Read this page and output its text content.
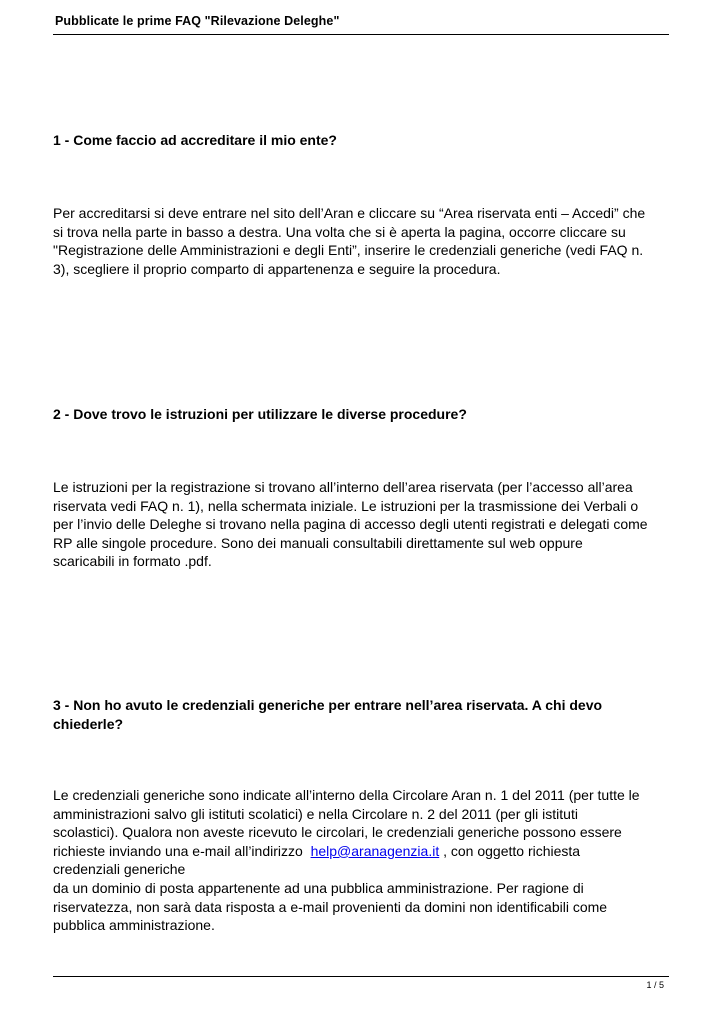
Pubblicate le prime FAQ "Rilevazione Deleghe"
1 - Come faccio ad accreditare il mio ente?
Per accreditarsi si deve entrare nel sito dell’Aran e cliccare su “Area riservata enti – Accedi” che
si trova nella parte in basso a destra. Una volta che si è aperta la pagina, occorre cliccare su
"Registrazione delle Amministrazioni e degli Enti”, inserire le credenziali generiche (vedi FAQ n.
3), scegliere il proprio comparto di appartenenza e seguire la procedura.
2 - Dove trovo le istruzioni per utilizzare le diverse procedure?
Le istruzioni per la registrazione si trovano all’interno dell’area riservata (per l’accesso all’area
riservata vedi FAQ n. 1), nella schermata iniziale. Le istruzioni per la trasmissione dei Verbali o
per l’invio delle Deleghe si trovano nella pagina di accesso degli utenti registrati e delegati come
RP alle singole procedure. Sono dei manuali consultabili direttamente sul web oppure
scaricabili in formato .pdf.
3 - Non ho avuto le credenziali generiche per entrare nell’area riservata. A chi devo
chiederle?
Le credenziali generiche sono indicate all’interno della Circolare Aran n. 1 del 2011 (per tutte le
amministrazioni salvo gli istituti scolatici) e nella Circolare n. 2 del 2011 (per gli istituti
scolastici). Qualora non aveste ricevuto le circolari, le credenziali generiche possono essere
richieste inviando una e-mail all’indirizzo  help@aranagenzia.it , con oggetto richiesta
credenziali generiche
da un dominio di posta appartenente ad una pubblica amministrazione. Per ragione di
riservatezza, non sarà data risposta a e-mail provenienti da domini non identificabili come
pubblica amministrazione.
1 / 5
